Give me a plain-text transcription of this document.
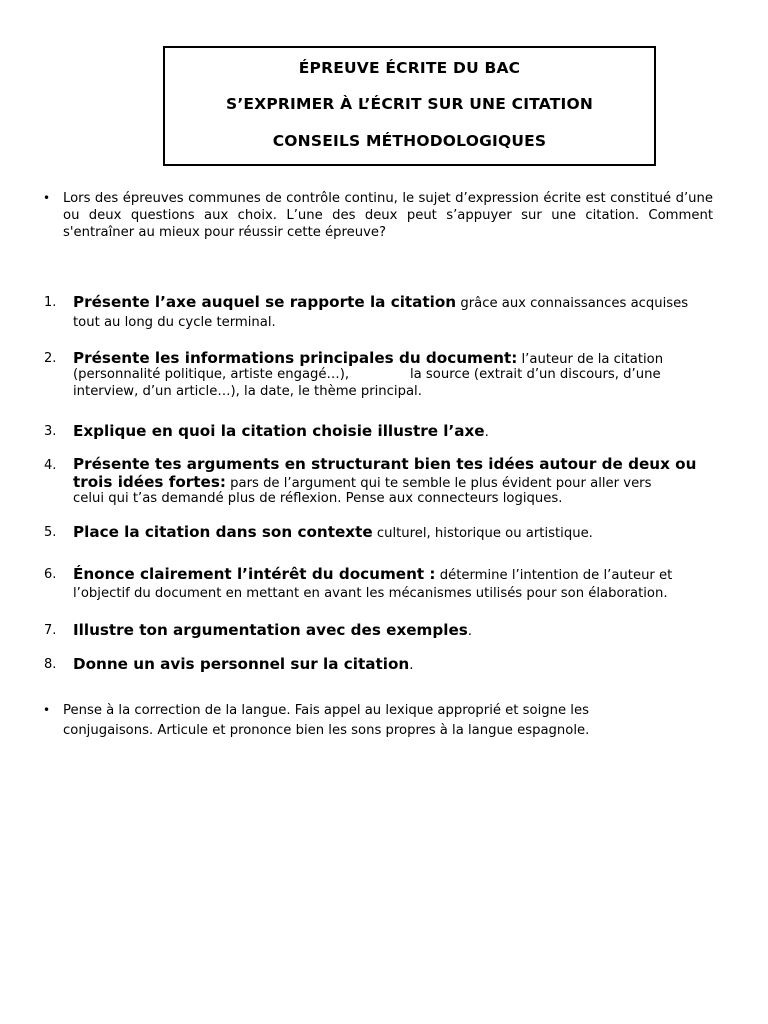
ÉPREUVE ÉCRITE DU BAC
S’EXPRIMER À L’ÉCRIT SUR UNE CITATION
CONSEILS MÉTHODOLOGIQUES
• Lors des épreuves communes de contrôle continu, le sujet d’expression écrite est constitué d’une ou deux questions aux choix. L’une des deux peut s’appuyer sur une citation. Comment s'entraîner au mieux pour réussir cette épreuve?
1. Présente l’axe auquel se rapporte la citation grâce aux connaissances acquises
tout au long du cycle terminal.
2. Présente les informations principales du document: l’auteur de la citation
(personnalité politique, artiste engagé…),	la source (extrait d’un discours, d’une
interview, d’un article…), la date, le thème principal.
3. Explique en quoi la citation choisie illustre l’axe.
4. Présente tes arguments en structurant bien tes idées autour de deux ou
trois idées fortes: pars de l’argument qui te semble le plus évident pour aller vers
celui qui t’as demandé plus de réflexion. Pense aux connecteurs logiques.
5. Place la citation dans son contexte culturel, historique ou artistique.
6. Énonce clairement l’intérêt du document : détermine l’intention de l’auteur et
l’objectif du document en mettant en avant les mécanismes utilisés pour son élaboration.
7. Illustre ton argumentation avec des exemples.
8. Donne un avis personnel sur la citation.
• Pense à la correction de la langue. Fais appel au lexique approprié et soigne les
conjugaisons. Articule et prononce bien les sons propres à la langue espagnole.
